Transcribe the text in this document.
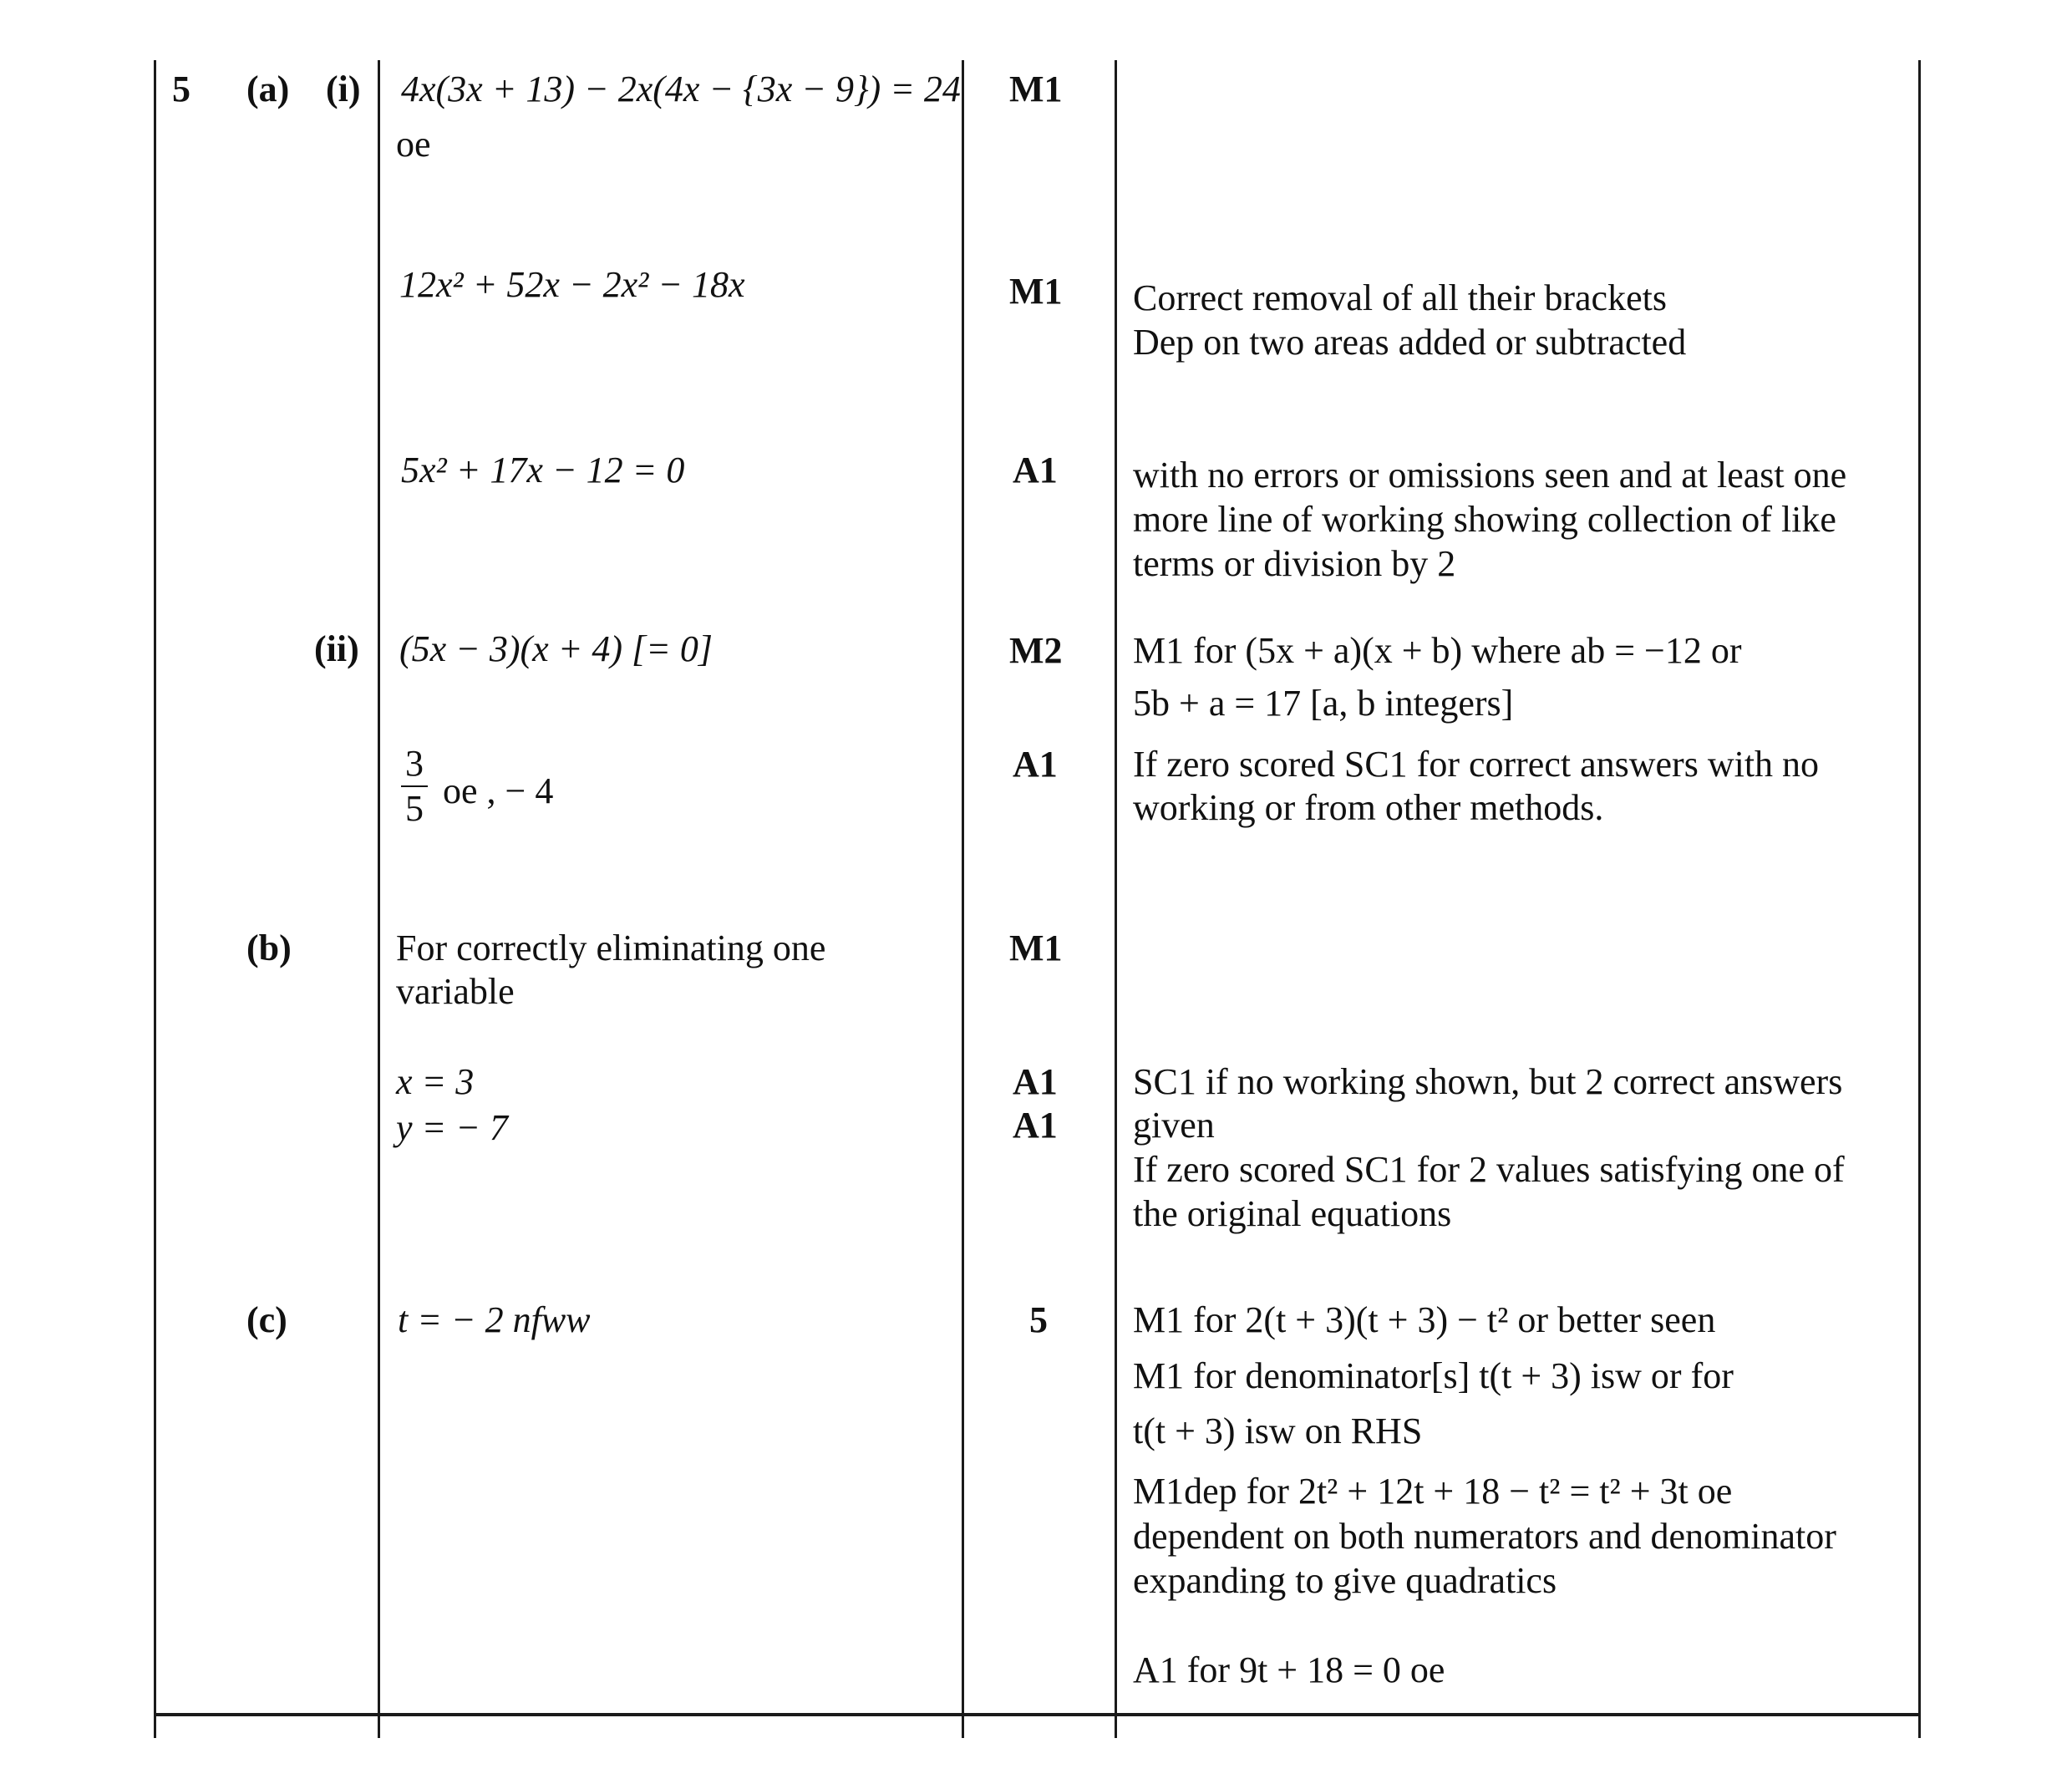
5 (a) (i)
(ii)
(b)
(c)
4x(3x + 13) − 2x(4x − {3x − 9}) = 24
oe
12x² + 52x − 2x² − 18x
5x² + 17x − 12 = 0
(5x − 3)(x + 4) [= 0]
3
5 oe , − 4
For correctly eliminating one
variable
x = 3
y = − 7
t = − 2 nfww
M1
M1
A1
M2
A1
M1
A1
A1
5
Correct removal of all their brackets
Dep on two areas added or subtracted
with no errors or omissions seen and at least one
more line of working showing collection of like
terms or division by 2
M1 for (5x + a)(x + b) where ab = −12 or
5b + a = 17 [a, b integers]
If zero scored SC1 for correct answers with no
working or from other methods.
SC1 if no working shown, but 2 correct answers
given
If zero scored SC1 for 2 values satisfying one of
the original equations
M1 for 2(t + 3)(t + 3) − t² or better seen
M1 for denominator[s] t(t + 3) isw or for
t(t + 3) isw on RHS
M1dep for 2t² + 12t + 18 − t² = t² + 3t oe
dependent on both numerators and denominator
expanding to give quadratics
A1 for 9t + 18 = 0 oe
